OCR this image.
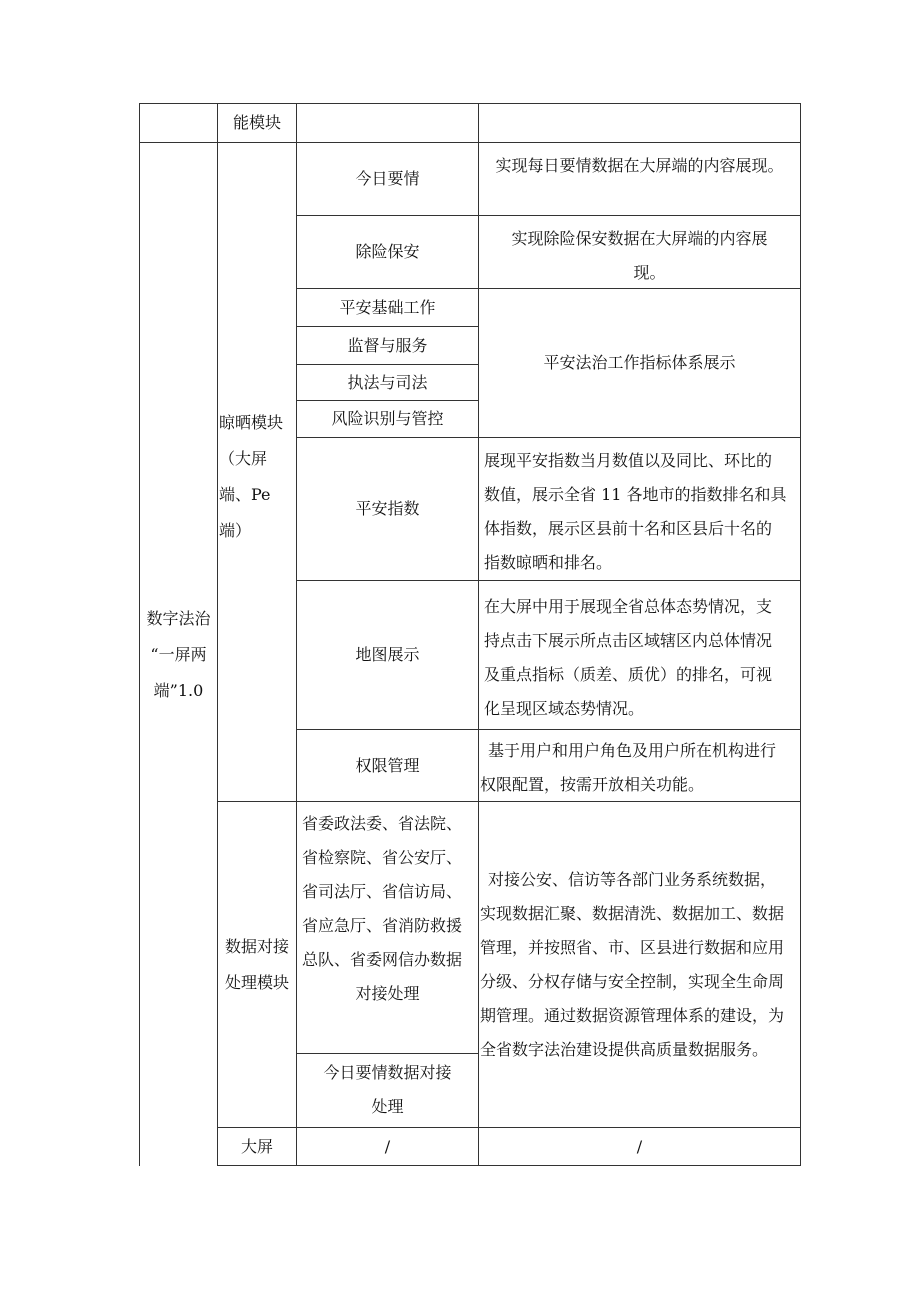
能模块
数字法治
“一屏两
端”1.0
晾晒模块
（大屏
端、Pe
端）
今日要情
实现每日要情数据在大屏端的内容展现。
除险保安
实现除险保安数据在大屏端的内容展
现。
平安基础工作
监督与服务
执法与司法
风险识别与管控
平安法治工作指标体系展示
平安指数
展现平安指数当月数值以及同比、环比的
数值，展示全省 11 各地市的指数排名和具
体指数，展示区县前十名和区县后十名的
指数晾晒和排名。
地图展示
在大屏中用于展现全省总体态势情况，支
持点击下展示所点击区域辖区内总体情况
及重点指标（质差、质优）的排名，可视
化呈现区域态势情况。
权限管理
基于用户和用户角色及用户所在机构进行
权限配置，按需开放相关功能。
数据对接
处理模块
省委政法委、省法院、
省检察院、省公安厅、
省司法厅、省信访局、
省应急厅、省消防救援
总队、省委网信办数据
对接处理
今日要情数据对接
处理
对接公安、信访等各部门业务系统数据，
实现数据汇聚、数据清洗、数据加工、数据
管理，并按照省、市、区县进行数据和应用
分级、分权存储与安全控制，实现全生命周
期管理。通过数据资源管理体系的建设，为
全省数字法治建设提供高质量数据服务。
大屏	/	/
